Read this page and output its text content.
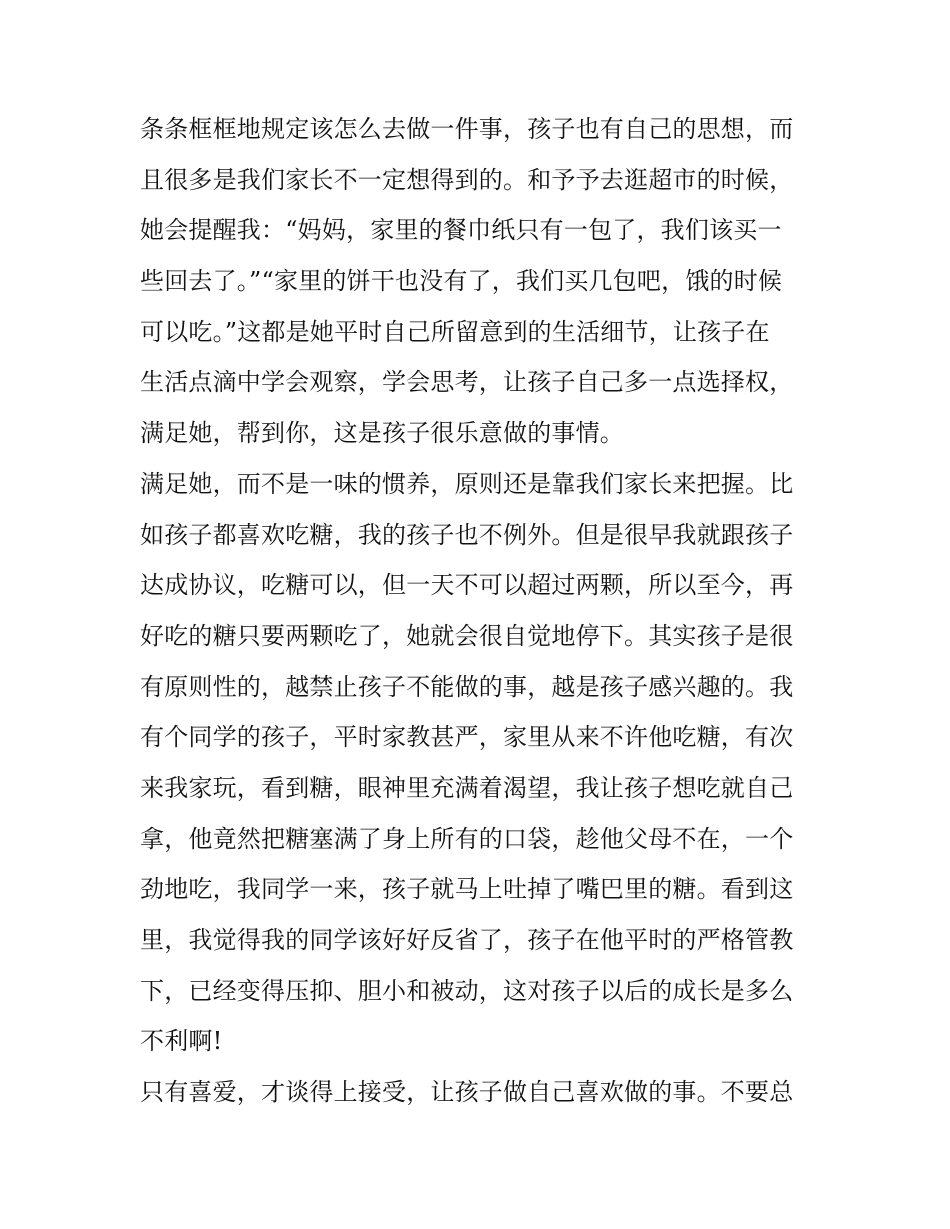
条条框框地规定该怎么去做一件事，孩子也有自己的思想，而
且很多是我们家长不一定想得到的。和予予去逛超市的时候，
她会提醒我：“妈妈，家里的餐巾纸只有一包了，我们该买一
些回去了。”“家里的饼干也没有了，我们买几包吧，饿的时候
可以吃。”这都是她平时自己所留意到的生活细节，让孩子在
生活点滴中学会观察，学会思考，让孩子自己多一点选择权，
满足她，帮到你，这是孩子很乐意做的事情。
满足她，而不是一味的惯养，原则还是靠我们家长来把握。比
如孩子都喜欢吃糖，我的孩子也不例外。但是很早我就跟孩子
达成协议，吃糖可以，但一天不可以超过两颗，所以至今，再
好吃的糖只要两颗吃了，她就会很自觉地停下。其实孩子是很
有原则性的，越禁止孩子不能做的事，越是孩子感兴趣的。我
有个同学的孩子，平时家教甚严，家里从来不许他吃糖，有次
来我家玩，看到糖，眼神里充满着渴望，我让孩子想吃就自己
拿，他竟然把糖塞满了身上所有的口袋，趁他父母不在，一个
劲地吃，我同学一来，孩子就马上吐掉了嘴巴里的糖。看到这
里，我觉得我的同学该好好反省了，孩子在他平时的严格管教
下，已经变得压抑、胆小和被动，这对孩子以后的成长是多么
不利啊!
只有喜爱，才谈得上接受，让孩子做自己喜欢做的事。不要总
